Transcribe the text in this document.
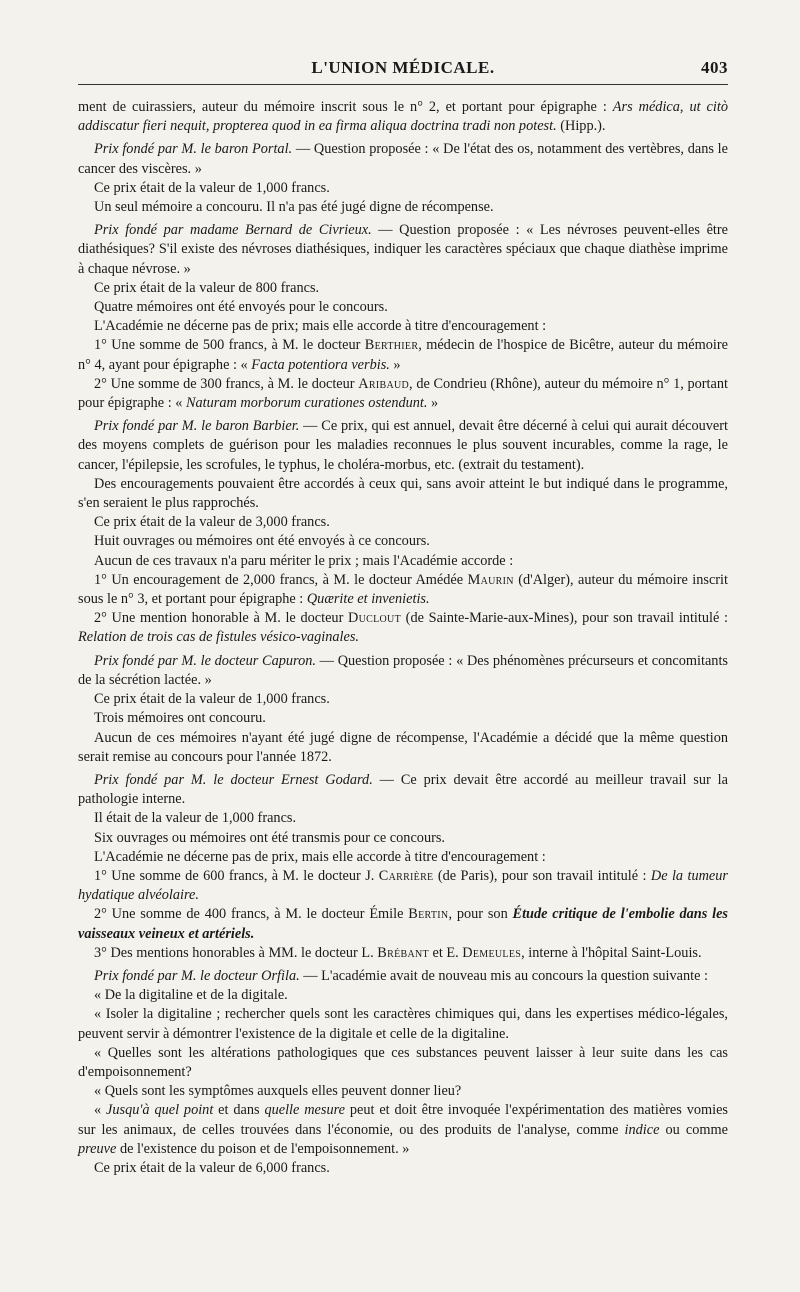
L'UNION MÉDICALE.	403

ment de cuirassiers, auteur du mémoire inscrit sous le n° 2, et portant pour épigraphe : Ars médica, ut citò addiscatur fieri nequit, propterea quod in ea firma aliqua doctrina tradi non potest. (Hipp.).

Prix fondé par M. le baron Portal. — Question proposée : « De l'état des os, notamment des vertèbres, dans le cancer des viscères. »

Ce prix était de la valeur de 1,000 francs.

Un seul mémoire a concouru. Il n'a pas été jugé digne de récompense.

Prix fondé par madame Bernard de Civrieux. — Question proposée : « Les névroses peuvent-elles être diathésiques? S'il existe des névroses diathésiques, indiquer les caractères spéciaux que chaque diathèse imprime à chaque névrose. »

Ce prix était de la valeur de 800 francs.

Quatre mémoires ont été envoyés pour le concours.

L'Académie ne décerne pas de prix; mais elle accorde à titre d'encouragement :

1° Une somme de 500 francs, à M. le docteur Berthier, médecin de l'hospice de Bicêtre, auteur du mémoire n° 4, ayant pour épigraphe : « Facta potentiora verbis. »

2° Une somme de 300 francs, à M. le docteur Aribaud, de Condrieu (Rhône), auteur du mémoire n° 1, portant pour épigraphe : « Naturam morborum curationes ostendunt. »

Prix fondé par M. le baron Barbier. — Ce prix, qui est annuel, devait être décerné à celui qui aurait découvert des moyens complets de guérison pour les maladies reconnues le plus souvent incurables, comme la rage, le cancer, l'épilepsie, les scrofules, le typhus, le choléra-morbus, etc. (extrait du testament).

Des encouragements pouvaient être accordés à ceux qui, sans avoir atteint le but indiqué dans le programme, s'en seraient le plus rapprochés.

Ce prix était de la valeur de 3,000 francs.

Huit ouvrages ou mémoires ont été envoyés à ce concours.

Aucun de ces travaux n'a paru mériter le prix ; mais l'Académie accorde :

1° Un encouragement de 2,000 francs, à M. le docteur Amédée Maurin (d'Alger), auteur du mémoire inscrit sous le n° 3, et portant pour épigraphe : Quærite et invenietis.

2° Une mention honorable à M. le docteur Duclout (de Sainte-Marie-aux-Mines), pour son travail intitulé : Relation de trois cas de fistules vésico-vaginales.

Prix fondé par M. le docteur Capuron. — Question proposée : « Des phénomènes précurseurs et concomitants de la sécrétion lactée. »

Ce prix était de la valeur de 1,000 francs.

Trois mémoires ont concouru.

Aucun de ces mémoires n'ayant été jugé digne de récompense, l'Académie a décidé que la même question serait remise au concours pour l'année 1872.

Prix fondé par M. le docteur Ernest Godard. — Ce prix devait être accordé au meilleur travail sur la pathologie interne.

Il était de la valeur de 1,000 francs.

Six ouvrages ou mémoires ont été transmis pour ce concours.

L'Académie ne décerne pas de prix, mais elle accorde à titre d'encouragement :

1° Une somme de 600 francs, à M. le docteur J. Carrière (de Paris), pour son travail intitulé : De la tumeur hydatique alvéolaire.

2° Une somme de 400 francs, à M. le docteur Émile Bertin, pour son Étude critique de l'embolie dans les vaisseaux veineux et artériels.

3° Des mentions honorables à MM. le docteur L. Brébant et E. Demeules, interne à l'hôpital Saint-Louis.

Prix fondé par M. le docteur Orfila. — L'académie avait de nouveau mis au concours la question suivante :

« De la digitaline et de la digitale.

« Isoler la digitaline ; rechercher quels sont les caractères chimiques qui, dans les expertises médico-légales, peuvent servir à démontrer l'existence de la digitale et celle de la digitaline.

« Quelles sont les altérations pathologiques que ces substances peuvent laisser à leur suite dans les cas d'empoisonnement?

« Quels sont les symptômes auxquels elles peuvent donner lieu?

« Jusqu'à quel point et dans quelle mesure peut et doit être invoquée l'expérimentation des matières vomies sur les animaux, de celles trouvées dans l'économie, ou des produits de l'analyse, comme indice ou comme preuve de l'existence du poison et de l'empoisonnement. »

Ce prix était de la valeur de 6,000 francs.
